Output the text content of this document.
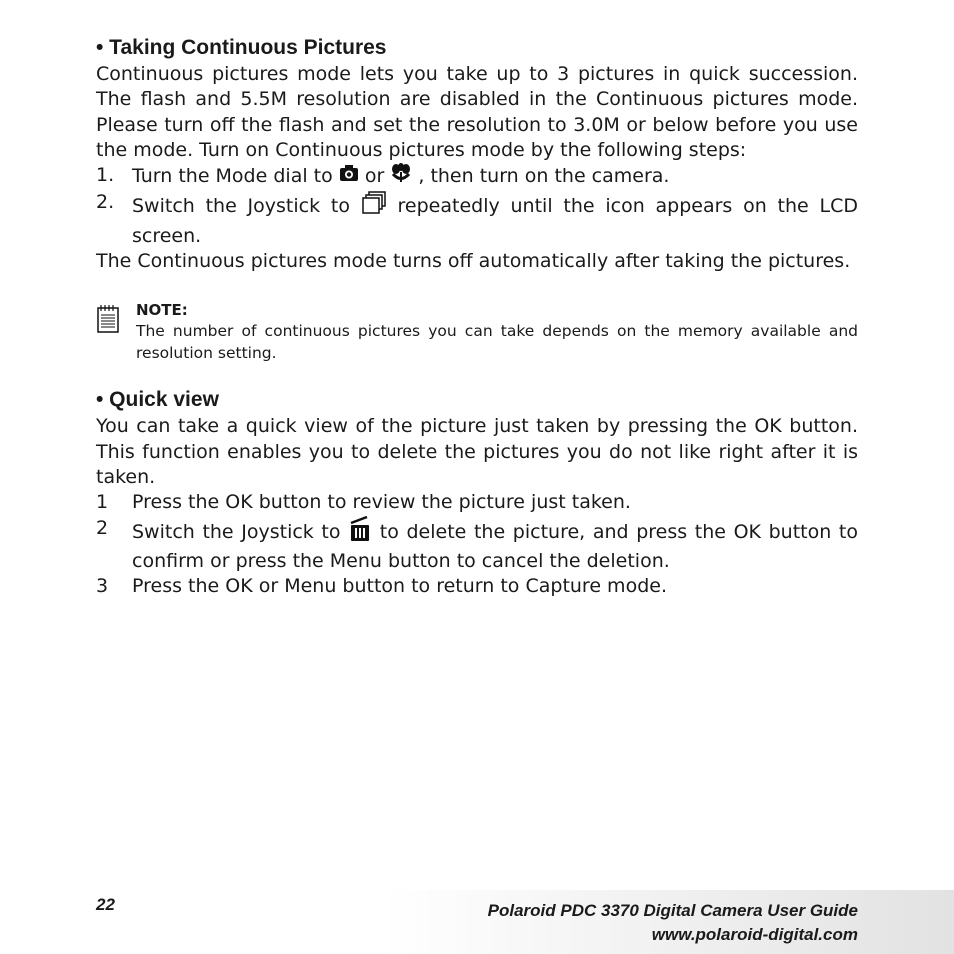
• Taking Continuous Pictures

Continuous pictures mode lets you take up to 3 pictures in quick succession. The flash and 5.5M resolution are disabled in the Continuous pictures mode. Please turn off the flash and set the resolution to 3.0M or below before you use the mode. Turn on Continuous pictures mode by the following steps:

1. Turn the Mode dial to or , then turn on the camera.
2. Switch the Joystick to	repeatedly until the icon appears on the LCD screen.

The Continuous pictures mode turns off automatically after taking the pictures.

NOTE:

The number of continuous pictures you can take depends on the memory available and resolution setting.

• Quick view

You can take a quick view of the picture just taken by pressing the OK button. This function enables you to delete the pictures you do not like right after it is taken.

1	Press the OK button to review the picture just taken.
2	Switch the Joystick to to delete the picture, and press the OK button to confirm or press the Menu button to cancel the deletion.
3	Press the OK or Menu button to return to Capture mode.
22	Polaroid PDC 3370 Digital Camera User Guide
www.polaroid-digital.com
